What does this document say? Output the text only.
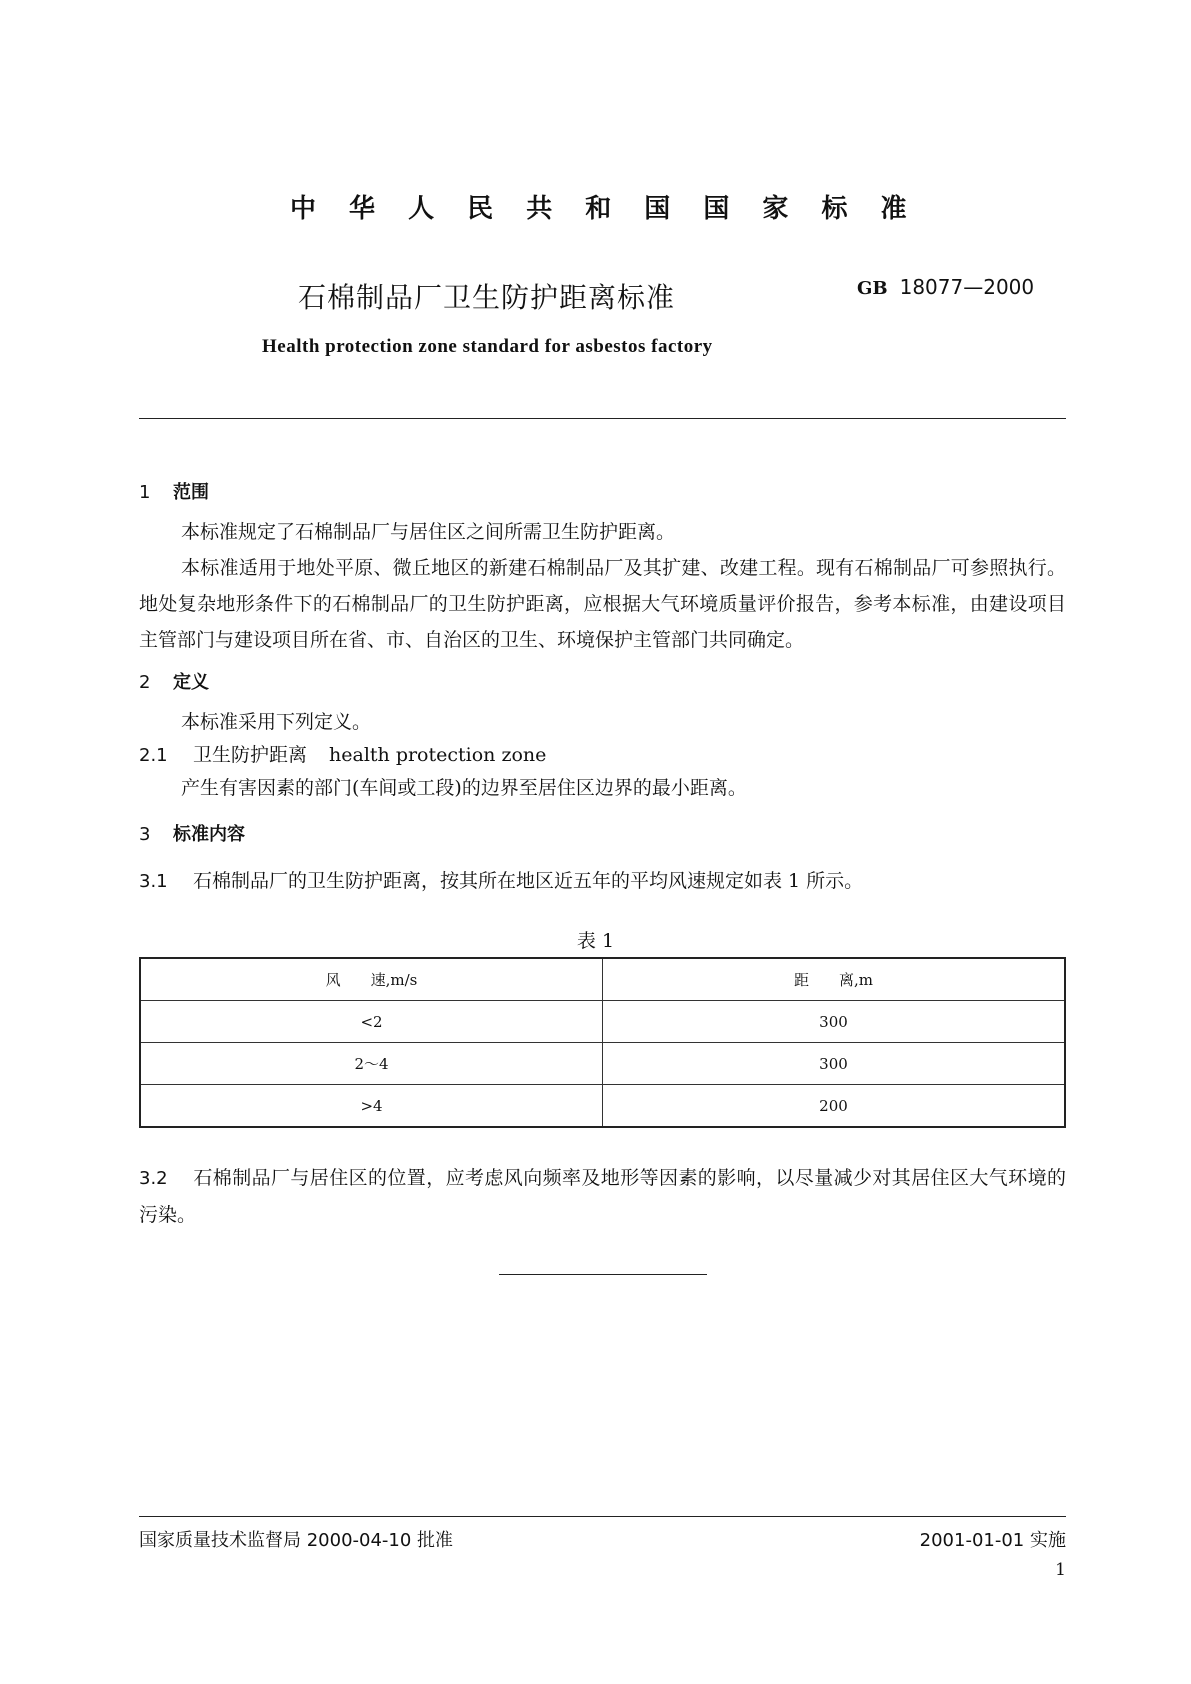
中 华 人 民 共 和 国 国 家 标 准
石棉制品厂卫生防护距离标准	GB 18077—2000
Health protection zone standard for asbestos factory
1 范围
本标准规定了石棉制品厂与居住区之间所需卫生防护距离。
本标准适用于地处平原、微丘地区的新建石棉制品厂及其扩建、改建工程。现有石棉制品厂可参照执行。地处复杂地形条件下的石棉制品厂的卫生防护距离，应根据大气环境质量评价报告，参考本标准，由建设项目主管部门与建设项目所在省、市、自治区的卫生、环境保护主管部门共同确定。
2 定义
本标准采用下列定义。
2.1 卫生防护距离 health protection zone
产生有害因素的部门(车间或工段)的边界至居住区边界的最小距离。
3 标准内容
3.1 石棉制品厂的卫生防护距离，按其所在地区近五年的平均风速规定如表 1 所示。
表 1
风　　速,m/s	距　　离,m
<2	300
2～4	300
>4	200
3.2 石棉制品厂与居住区的位置，应考虑风向频率及地形等因素的影响，以尽量减少对其居住区大气环境的污染。
国家质量技术监督局 2000-04-10 批准	2001-01-01 实施
1
